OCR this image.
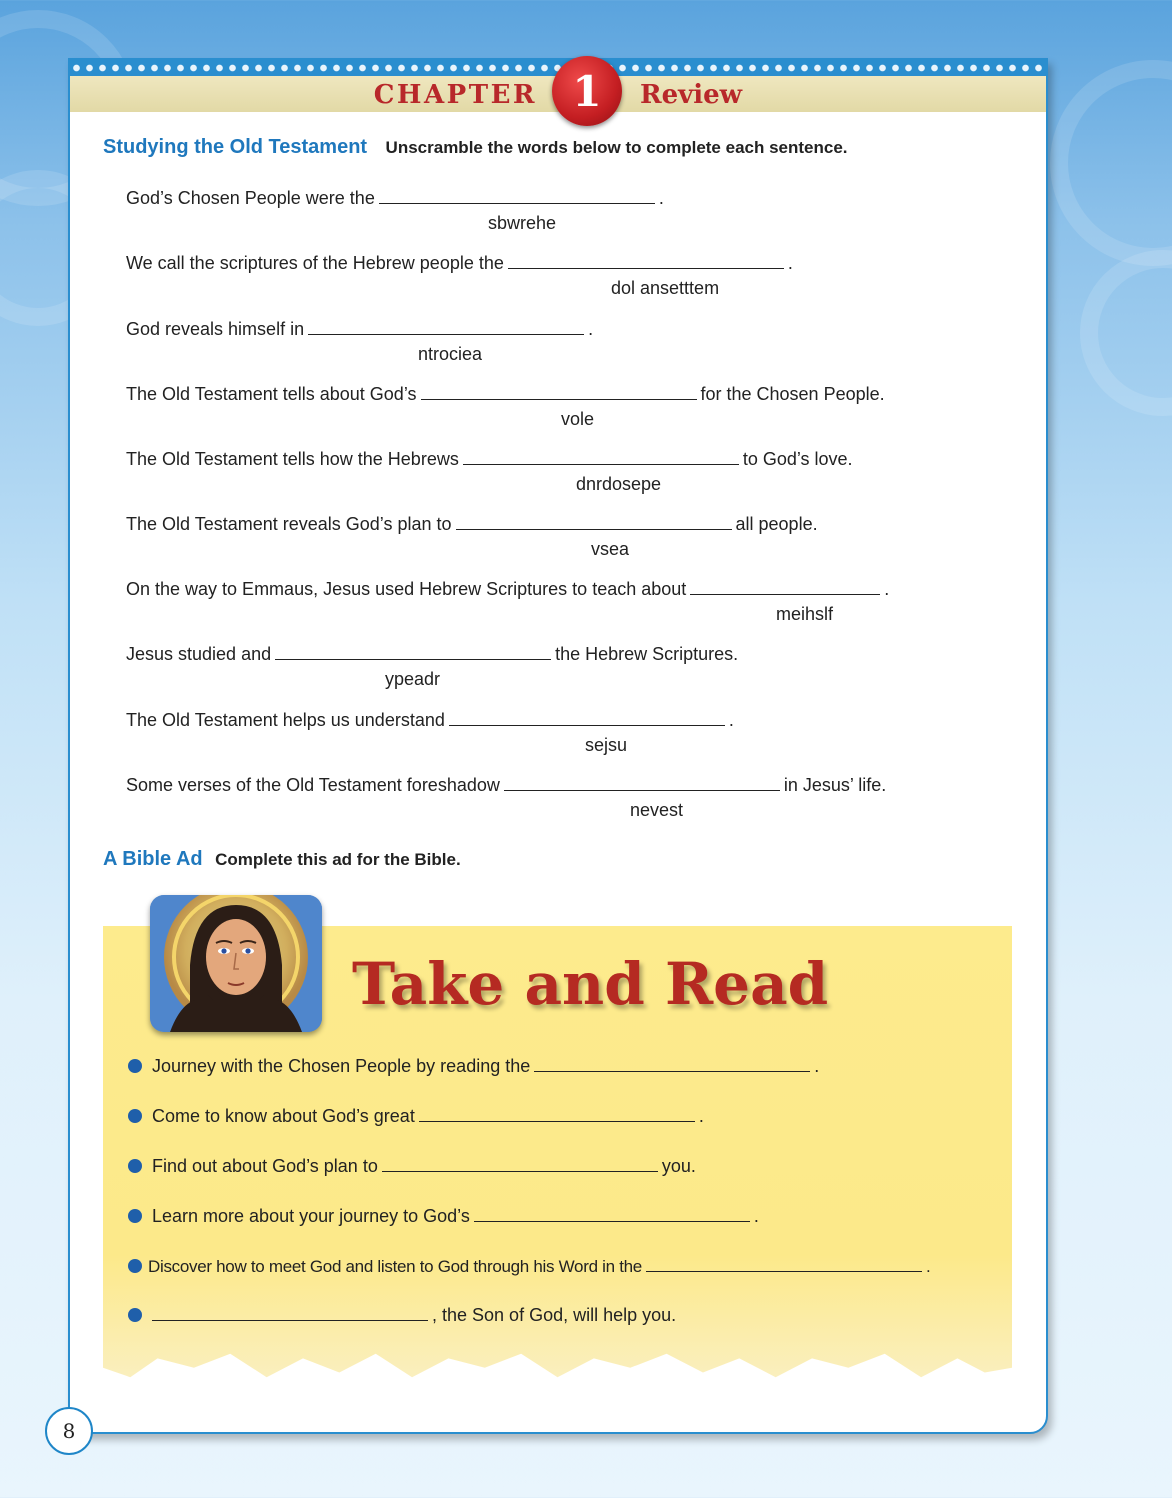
CHAPTER 1	Review
Studying the Old Testament Unscramble the words below to complete each sentence.
God’s Chosen People were the	.
sbwrehe
We call the scriptures of the Hebrew people the	.
dol ansetttem
God reveals himself in	.
ntrociea
The Old Testament tells about God’s	for the Chosen People.
vole
The Old Testament tells how the Hebrews	to God’s love.
dnrdosepe
The Old Testament reveals God’s plan to	all people.
vsea
On the way to Emmaus, Jesus used Hebrew Scriptures to teach about	.
meihslf
Jesus studied and	the Hebrew Scriptures.
ypeadr
The Old Testament helps us understand	.
sejsu
Some verses of the Old Testament foreshadow	in Jesus’ life.
nevest
A Bible Ad Complete this ad for the Bible.
Take and Read
Journey with the Chosen People by reading the	.
Come to know about God’s great	.
Find out about God’s plan to	you.
Learn more about your journey to God’s	.
Discover how to meet God and listen to God through his Word in the	.
, the Son of God, will help you.
8
